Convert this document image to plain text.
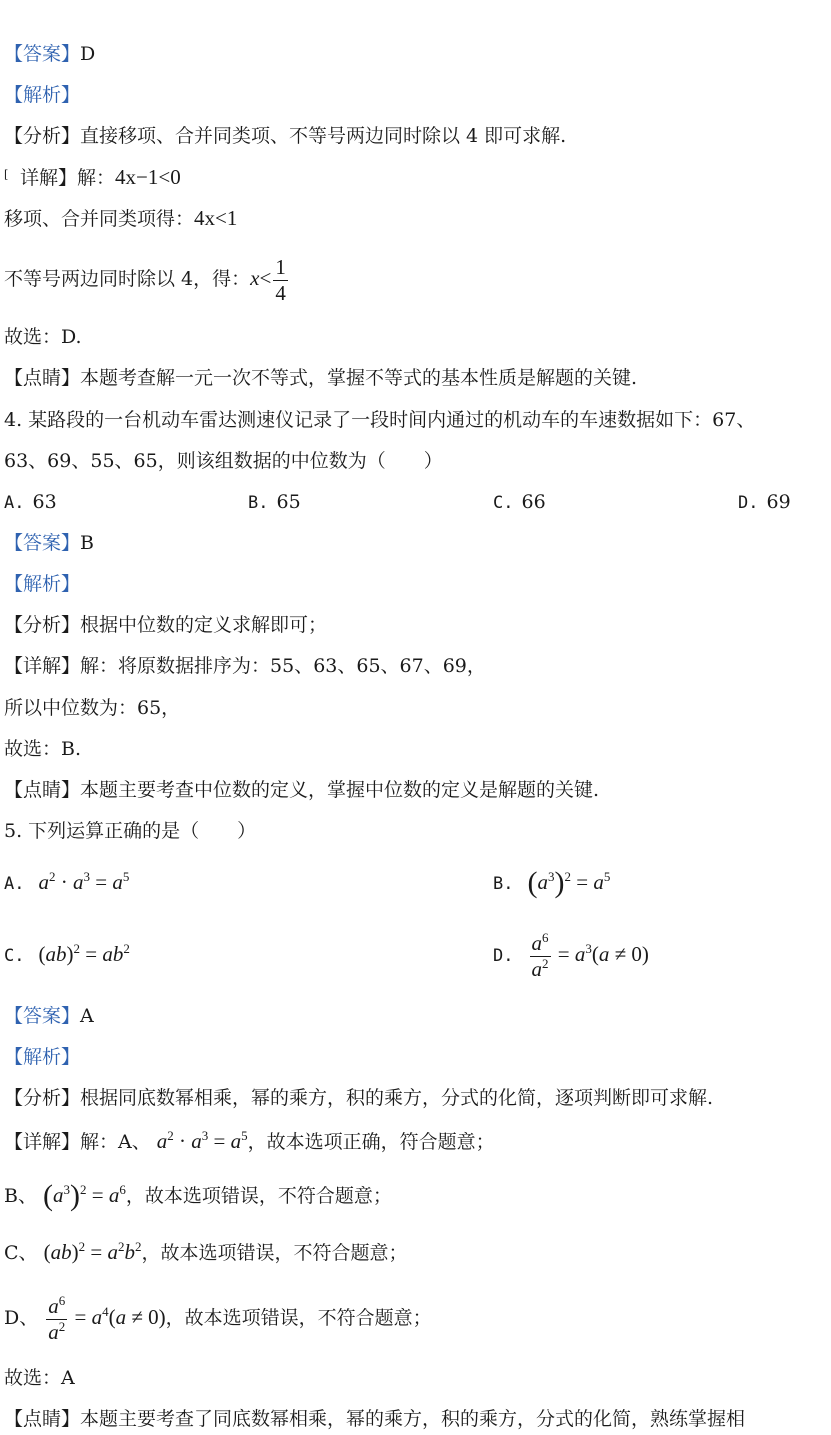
【答案】D
【解析】
【分析】直接移项、合并同类项、不等号两边同时除以 4 即可求解.
[ 详解】解：4x−1<0
移项、合并同类项得：4x<1
不等号两边同时除以 4，得：$x< \frac{1}{4}$
故选：D.
【点睛】本题考查解一元一次不等式，掌握不等式的基本性质是解题的关键.
4. 某路段的一台机动车雷达测速仪记录了一段时间内通过的机动车的车速数据如下：67、
63、69、55、65，则该组数据的中位数为（　　）
A. 63	B. 65	C. 66	D. 69
【答案】B
【解析】
【分析】根据中位数的定义求解即可；
【详解】解：将原数据排序为：55、63、65、67、69，
所以中位数为：65，
故选：B.
【点睛】本题主要考查中位数的定义，掌握中位数的定义是解题的关键.
5. 下列运算正确的是（　　）
A. $a^2 \cdot a^3 = a^5$	B. $(a^3)^2 = a^5$
C. $(ab)^2 = ab^2$	D. $\frac{a^6}{a^2} = a^3(a \ne 0)$
【答案】A
【解析】
【分析】根据同底数幂相乘，幂的乘方，积的乘方，分式的化简，逐项判断即可求解.
【详解】解：A、 $a^2 \cdot a^3 = a^5$，故本选项正确，符合题意；
B、 $(a^3)^2 = a^6$，故本选项错误，不符合题意；
C、 $(ab)^2 = a^2b^2$，故本选项错误，不符合题意；
D、 $\frac{a^6}{a^2} = a^4(a \ne 0)$，故本选项错误，不符合题意；
故选：A
【点睛】本题主要考查了同底数幂相乘，幂的乘方，积的乘方，分式的化简，熟练掌握相
